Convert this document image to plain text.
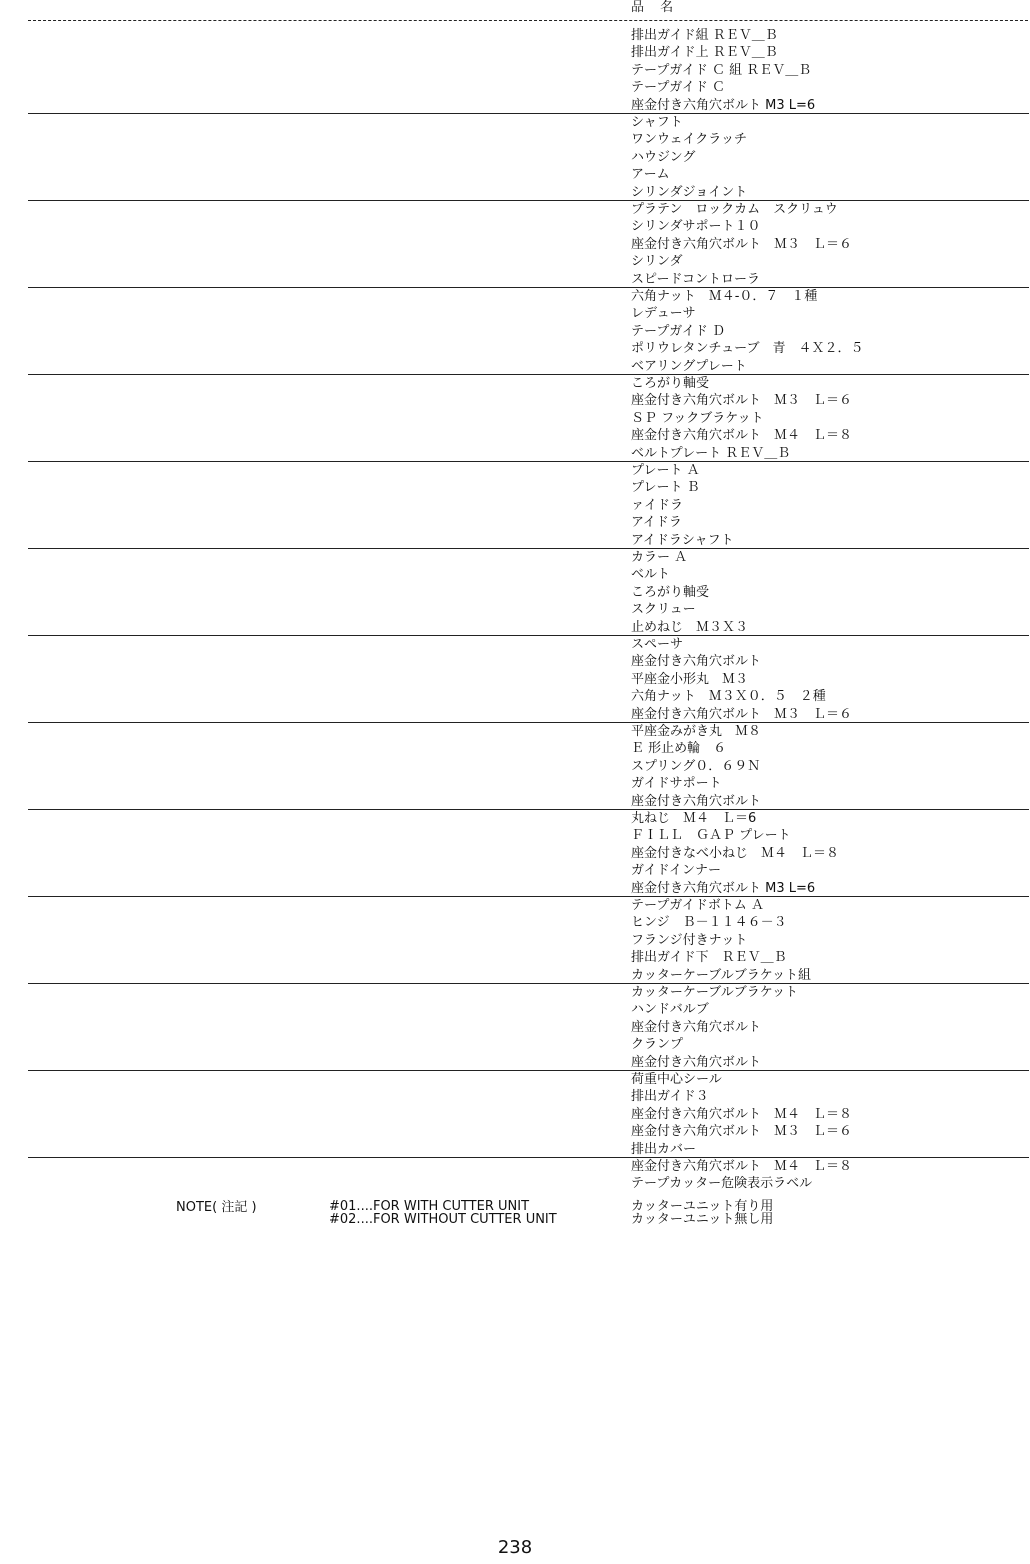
品 名
排出ガイド組 ＲＥＶ＿Ｂ
排出ガイド上 ＲＥＶ＿Ｂ
テープガイド Ｃ 組 ＲＥＶ＿Ｂ
テープガイド Ｃ
座金付き六角穴ボルト M3 L=6
シャフト
ワンウェイクラッチ
ハウジング
アーム
シリンダジョイント
プラテン　ロックカム　スクリュウ
シリンダサポート１０
座金付き六角穴ボルト　Ｍ３　Ｌ＝６
シリンダ
スピードコントローラ
六角ナット　Ｍ４-０．７　１種
レデューサ
テープガイド Ｄ
ポリウレタンチューブ　青　４Ｘ２．５
ベアリングプレート
ころがり軸受
座金付き六角穴ボルト　Ｍ３　Ｌ＝６
ＳＰ フックブラケット
座金付き六角穴ボルト　Ｍ４　Ｌ＝８
ベルトプレート ＲＥＶ＿Ｂ
プレート Ａ
プレート Ｂ
ァイドラ
アイドラ
アイドラシャフト
カラー Ａ
ベルト
ころがり軸受
スクリュー
止めねじ　Ｍ３Ｘ３
スペーサ
座金付き六角穴ボルト
平座金小形丸　Ｍ３
六角ナット　Ｍ３Ｘ０．５　２種
座金付き六角穴ボルト　Ｍ３　Ｌ＝６
平座金みがき丸　Ｍ８
Ｅ 形止め輪　６
スプリング０．６９Ｎ
ガイドサポート
座金付き六角穴ボルト
丸ねじ　Ｍ４　Ｌ＝6
ＦＩＬＬ　ＧＡＰ プレート
座金付きなべ小ねじ　Ｍ４　Ｌ＝８
ガイドインナー
座金付き六角穴ボルト M3 L=6
テープガイドボトム Ａ
ヒンジ　Ｂ－１１４６－３
フランジ付きナット
排出ガイド下　ＲＥＶ＿Ｂ
カッターケーブルブラケット組
カッターケーブルブラケット
ハンドバルブ
座金付き六角穴ボルト
クランプ
座金付き六角穴ボルト
荷重中心シール
排出ガイド３
座金付き六角穴ボルト　Ｍ４　Ｌ＝８
座金付き六角穴ボルト　Ｍ３　Ｌ＝６
排出カバー
座金付き六角穴ボルト　Ｍ４　Ｌ＝８
テープカッター危険表示ラベル
NOTE( 注記 )	#01....FOR WITH CUTTER UNIT
#02....FOR WITHOUT CUTTER UNIT
カッターユニット有り用
カッターユニット無し用
238
